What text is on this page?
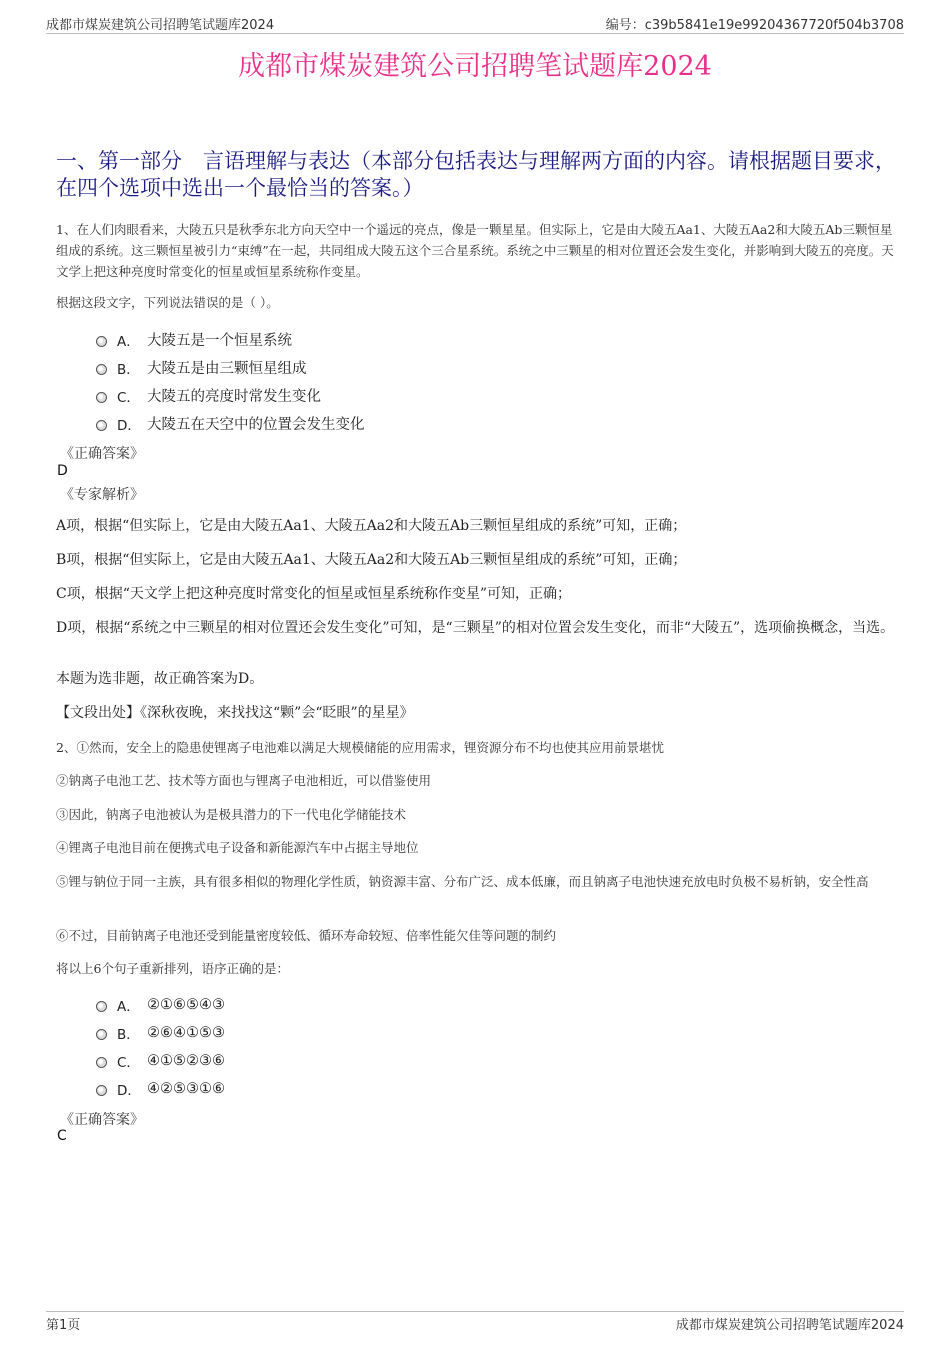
成都市煤炭建筑公司招聘笔试题库2024	编号：c39b5841e19e99204367720f504b3708
成都市煤炭建筑公司招聘笔试题库2024
一、第一部分　言语理解与表达（本部分包括表达与理解两方面的内容。请根据题目要求，在四个选项中选出一个最恰当的答案。）
1、在人们肉眼看来，大陵五只是秋季东北方向天空中一个遥远的亮点，像是一颗星星。但实际上，它是由大陵五Aa1、大陵五Aa2和大陵五Ab三颗恒星组成的系统。这三颗恒星被引力“束缚”在一起，共同组成大陵五这个三合星系统。系统之中三颗星的相对位置还会发生变化，并影响到大陵五的亮度。天文学上把这种亮度时常变化的恒星或恒星系统称作变星。
根据这段文字，下列说法错误的是（ ）。
A． 大陵五是一个恒星系统
B． 大陵五是由三颗恒星组成
C． 大陵五的亮度时常发生变化
D． 大陵五在天空中的位置会发生变化
《正确答案》
D
《专家解析》
A项，根据“但实际上，它是由大陵五Aa1、大陵五Aa2和大陵五Ab三颗恒星组成的系统”可知，正确；
B项，根据“但实际上，它是由大陵五Aa1、大陵五Aa2和大陵五Ab三颗恒星组成的系统”可知，正确；
C项，根据“天文学上把这种亮度时常变化的恒星或恒星系统称作变星”可知，正确；
D项，根据“系统之中三颗星的相对位置还会发生变化”可知，是“三颗星”的相对位置会发生变化，而非“大陵五”，选项偷换概念，当选。
本题为选非题，故正确答案为D。
【文段出处】《深秋夜晚，来找找这“颗”会“眨眼”的星星》
2、①然而，安全上的隐患使锂离子电池难以满足大规模储能的应用需求，锂资源分布不均也使其应用前景堪忧
②钠离子电池工艺、技术等方面也与锂离子电池相近，可以借鉴使用
③因此，钠离子电池被认为是极具潜力的下一代电化学储能技术
④锂离子电池目前在便携式电子设备和新能源汽车中占据主导地位
⑤锂与钠位于同一主族，具有很多相似的物理化学性质，钠资源丰富、分布广泛、成本低廉，而且钠离子电池快速充放电时负极不易析钠，安全性高
⑥不过，目前钠离子电池还受到能量密度较低、循环寿命较短、倍率性能欠佳等问题的制约
将以上6个句子重新排列，语序正确的是：
A． ②①⑥⑤④③
B． ②⑥④①⑤③
C． ④①⑤②③⑥
D． ④②⑤③①⑥
《正确答案》
C
第1页	成都市煤炭建筑公司招聘笔试题库2024
